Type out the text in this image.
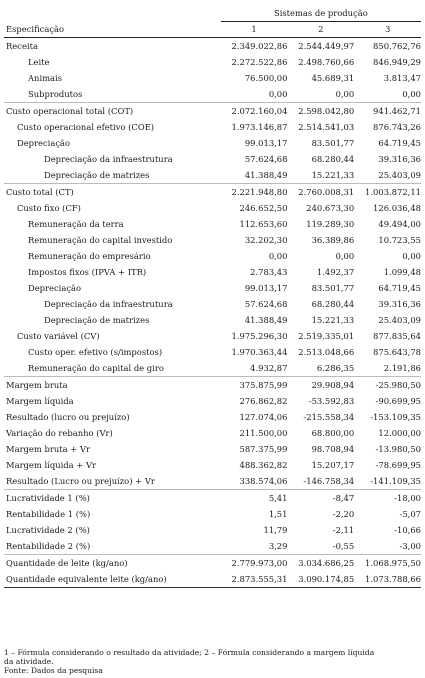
	Sistemas de produção		
Especificação	1	2	3
Receita	2.349.022,86	2.544.449,97	850.762,76
Leite	2.272.522,86	2.498.760,66	846.949,29
Animais	76.500,00	45.689,31	3.813,47
Subprodutos	0,00	0,00	0,00
Custo operacional total (COT)	2.072.160,04	2.598.042,80	941.462,71
Custo operacional efetivo (COE)	1.973.146,87	2.514.541,03	876.743,26
Depreciação	99.013,17	83.501,77	64.719,45
Depreciação da infraestrutura	57.624,68	68.280,44	39.316,36
Depreciação de matrizes	41.388,49	15.221,33	25.403,09
Custo total (CT)	2.221.948,80	2.760.008,31	1.003.872,11
Custo fixo (CF)	246.652,50	240.673,30	126.036,48
Remuneração da terra	112.653,60	119.289,30	49.494,00
Remuneração do capital investido	32.202,30	36.389,86	10.723,55
Remuneração do empresário	0,00	0,00	0,00
Impostos fixos (IPVA + ITR)	2.783,43	1.492,37	1.099,48
Depreciação	99.013,17	83.501,77	64.719,45
Depreciação da infraestrutura	57.624,68	68.280,44	39.316,36
Depreciação de matrizes	41.388,49	15.221,33	25.403,09
Custo variável (CV)	1.975.296,30	2.519.335,01	877.835,64
Custo oper. efetivo (s/impostos)	1.970.363,44	2.513.048,66	875.643,78
Remuneração do capital de giro	4.932,87	6.286,35	2.191,86
Margem bruta	375.875,99	29.908,94	-25.980,50
Margem líquida	276.862,82	-53.592,83	-90.699,95
Resultado (lucro ou prejuízo)	127.074,06	-215.558,34	-153.109,35
Variação do rebanho (Vr)	211.500,00	68.800,00	12.000,00
Margem bruta + Vr	587.375,99	98.708,94	-13.980,50
Margem líquida + Vr	488.362,82	15.207,17	-78.699,95
Resultado (Lucro ou prejuízo) + Vr	338.574,06	-146.758,34	-141.109,35
Lucratividade 1 (%)	5,41	-8,47	-18,00
Rentabilidade 1 (%)	1,51	-2,20	-5,07
Lucratividade 2 (%)	11,79	-2,11	-10,66
Rentabilidade 2 (%)	3,29	-0,55	-3,00
Quantidade de leite (kg/ano)	2.779.973,00	3.034.686,25	1.068.975,50
Quantidade equivalente leite (kg/ano)	2.873.555,31	3.090.174,85	1.073.788,66
1 – Fórmula considerando o resultado da atividade; 2 – Fórmula considerando a margem líquida
da atividade.
Fonte: Dados da pesquisa
